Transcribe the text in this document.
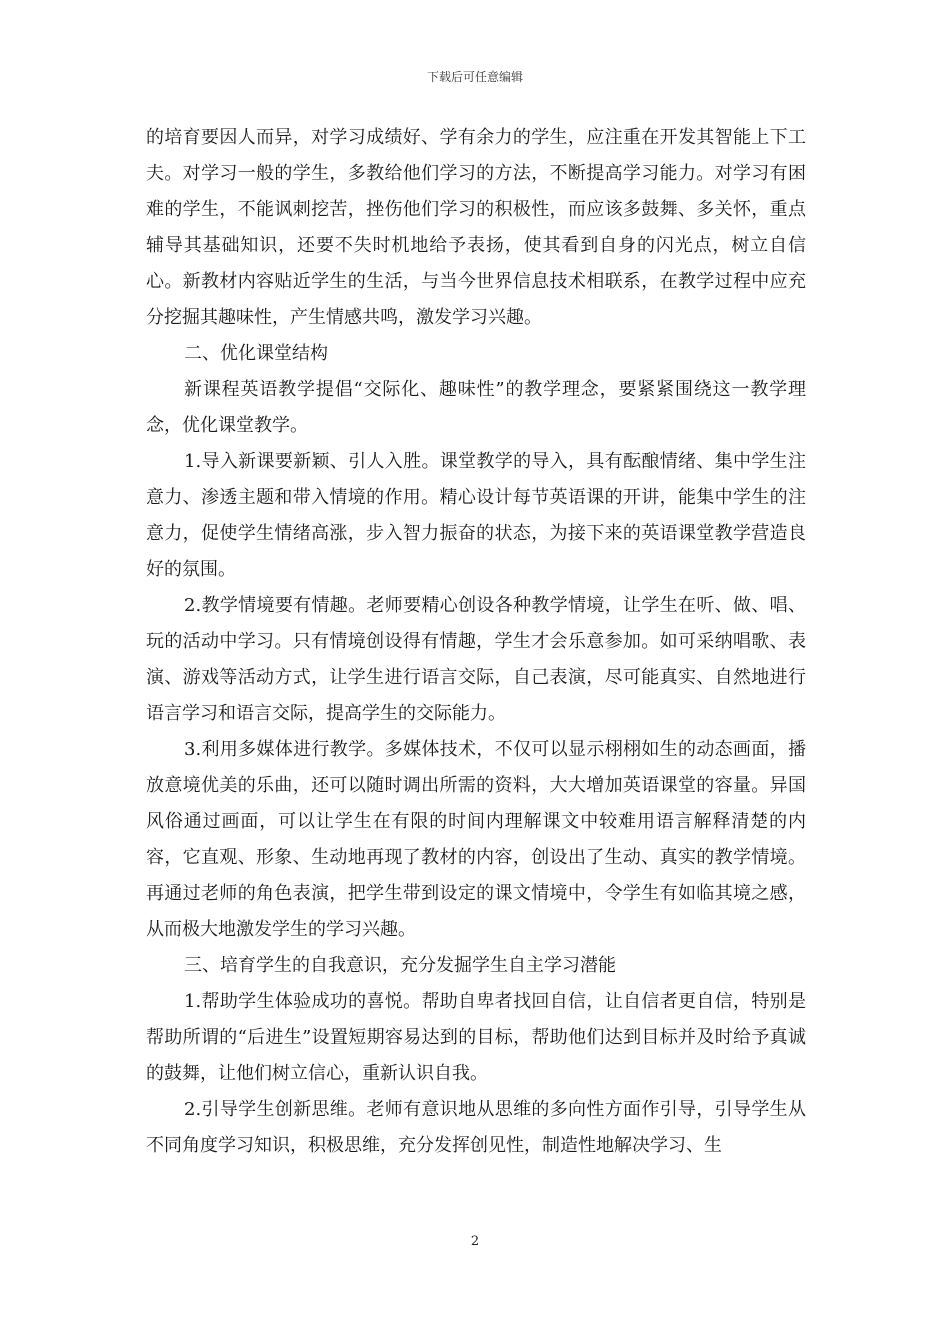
下载后可任意编辑

的培育要因人而异，对学习成绩好、学有余力的学生，应注重在开发其智能上下工夫。对学习一般的学生，多教给他们学习的方法，不断提高学习能力。对学习有困难的学生，不能讽刺挖苦，挫伤他们学习的积极性，而应该多鼓舞、多关怀，重点辅导其基础知识，还要不失时机地给予表扬，使其看到自身的闪光点，树立自信心。新教材内容贴近学生的生活，与当今世界信息技术相联系，在教学过程中应充分挖掘其趣味性，产生情感共鸣，激发学习兴趣。

二、优化课堂结构

新课程英语教学提倡“交际化、趣味性”的教学理念，要紧紧围绕这一教学理念，优化课堂教学。

1.导入新课要新颖、引人入胜。课堂教学的导入，具有酝酿情绪、集中学生注意力、渗透主题和带入情境的作用。精心设计每节英语课的开讲，能集中学生的注意力，促使学生情绪高涨，步入智力振奋的状态，为接下来的英语课堂教学营造良好的氛围。

2.教学情境要有情趣。老师要精心创设各种教学情境，让学生在听、做、唱、玩的活动中学习。只有情境创设得有情趣，学生才会乐意参加。如可采纳唱歌、表演、游戏等活动方式，让学生进行语言交际，自己表演，尽可能真实、自然地进行语言学习和语言交际，提高学生的交际能力。

3.利用多媒体进行教学。多媒体技术，不仅可以显示栩栩如生的动态画面，播放意境优美的乐曲，还可以随时调出所需的资料，大大增加英语课堂的容量。异国风俗通过画面，可以让学生在有限的时间内理解课文中较难用语言解释清楚的内容，它直观、形象、生动地再现了教材的内容，创设出了生动、真实的教学情境。再通过老师的角色表演，把学生带到设定的课文情境中，令学生有如临其境之感，从而极大地激发学生的学习兴趣。

三、培育学生的自我意识，充分发掘学生自主学习潜能

1.帮助学生体验成功的喜悦。帮助自卑者找回自信，让自信者更自信，特别是帮助所谓的“后进生”设置短期容易达到的目标，帮助他们达到目标并及时给予真诚的鼓舞，让他们树立信心，重新认识自我。

2.引导学生创新思维。老师有意识地从思维的多向性方面作引导，引导学生从不同角度学习知识，积极思维，充分发挥创见性，制造性地解决学习、生

2
